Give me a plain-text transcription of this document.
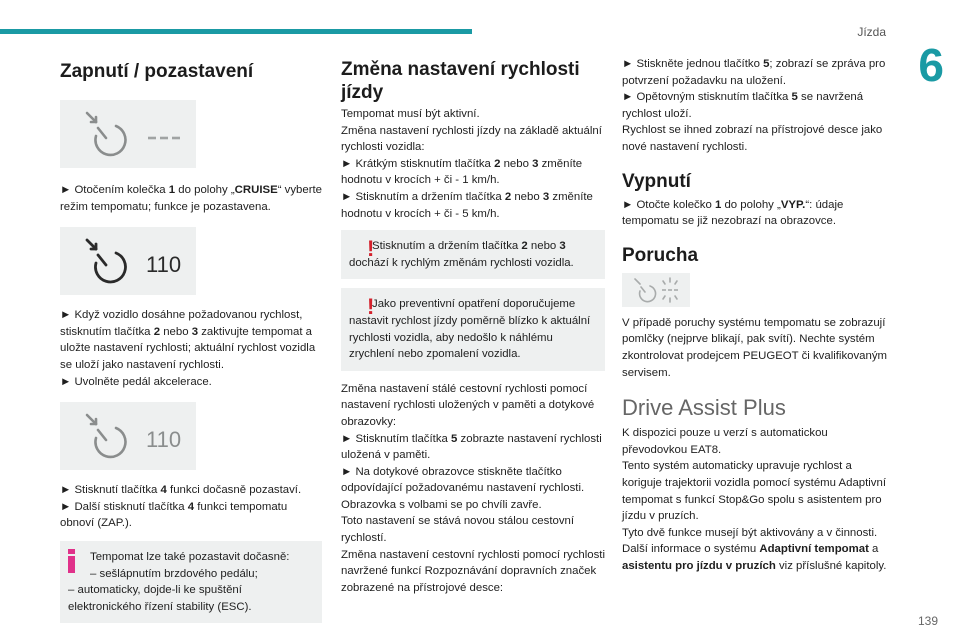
Jízda
6
Zapnutí / pozastavení

► Otočením kolečka 1 do polohy „CRUISE“ vyberte režim tempomatu; funkce je pozastavena.

110

► Když vozidlo dosáhne požadovanou rychlost, stisknutím tlačítka 2 nebo 3 zaktivujte tempomat a uložte nastavení rychlosti; aktuální rychlost vozidla se uloží jako nastavení rychlosti.

► Uvolněte pedál akcelerace.

110

► Stisknutí tlačítka 4 funkci dočasně pozastaví.

► Další stisknutí tlačítka 4 funkci tempomatu obnoví (ZAP.).

Tempomat lze také pozastavit dočasně:

– sešlápnutím brzdového pedálu;

– automaticky, dojde-li ke spuštění elektronického řízení stability (ESC).

Změna nastavení rychlosti jízdy

Tempomat musí být aktivní.

Změna nastavení rychlosti jízdy na základě aktuální rychlosti vozidla:

► Krátkým stisknutím tlačítka 2 nebo 3 změníte hodnotu v krocích + či - 1 km/h.

► Stisknutím a držením tlačítka 2 nebo 3 změníte hodnotu v krocích + či - 5 km/h.

!

Stisknutím a držením tlačítka 2 nebo 3 dochází k rychlým změnám rychlosti vozidla.

!

Jako preventivní opatření doporučujeme nastavit rychlost jízdy poměrně blízko k aktuální rychlosti vozidla, aby nedošlo k náhlému zrychlení nebo zpomalení vozidla.

Změna nastavení stálé cestovní rychlosti pomocí nastavení rychlosti uložených v paměti a dotykové obrazovky:

► Stisknutím tlačítka 5 zobrazte nastavení rychlosti uložená v paměti.

► Na dotykové obrazovce stiskněte tlačítko odpovídající požadovanému nastavení rychlosti.

Obrazovka s volbami se po chvíli zavře.

Toto nastavení se stává novou stálou cestovní rychlostí.

Změna nastavení cestovní rychlosti pomocí rychlosti navržené funkcí Rozpoznávání dopravních značek zobrazené na přístrojové desce:

► Stiskněte jednou tlačítko 5; zobrazí se zpráva pro potvrzení požadavku na uložení.

► Opětovným stisknutím tlačítka 5 se navržená rychlost uloží.

Rychlost se ihned zobrazí na přístrojové desce jako nové nastavení rychlosti.

Vypnutí

► Otočte kolečko 1 do polohy „VYP.“: údaje tempomatu se již nezobrazí na obrazovce.

Porucha

V případě poruchy systému tempomatu se zobrazují pomlčky (nejprve blikají, pak svítí). Nechte systém zkontrolovat prodejcem PEUGEOT či kvalifikovaným servisem.

Drive Assist Plus

K dispozici pouze u verzí s automatickou převodovkou EAT8.

Tento systém automaticky upravuje rychlost a koriguje trajektorii vozidla pomocí systému Adaptivní tempomat s funkcí Stop&Go spolu s asistentem pro jízdu v pruzích.

Tyto dvě funkce musejí být aktivovány a v činnosti.

Další informace o systému Adaptivní tempomat a asistentu pro jízdu v pruzích viz příslušné kapitoly.

139
